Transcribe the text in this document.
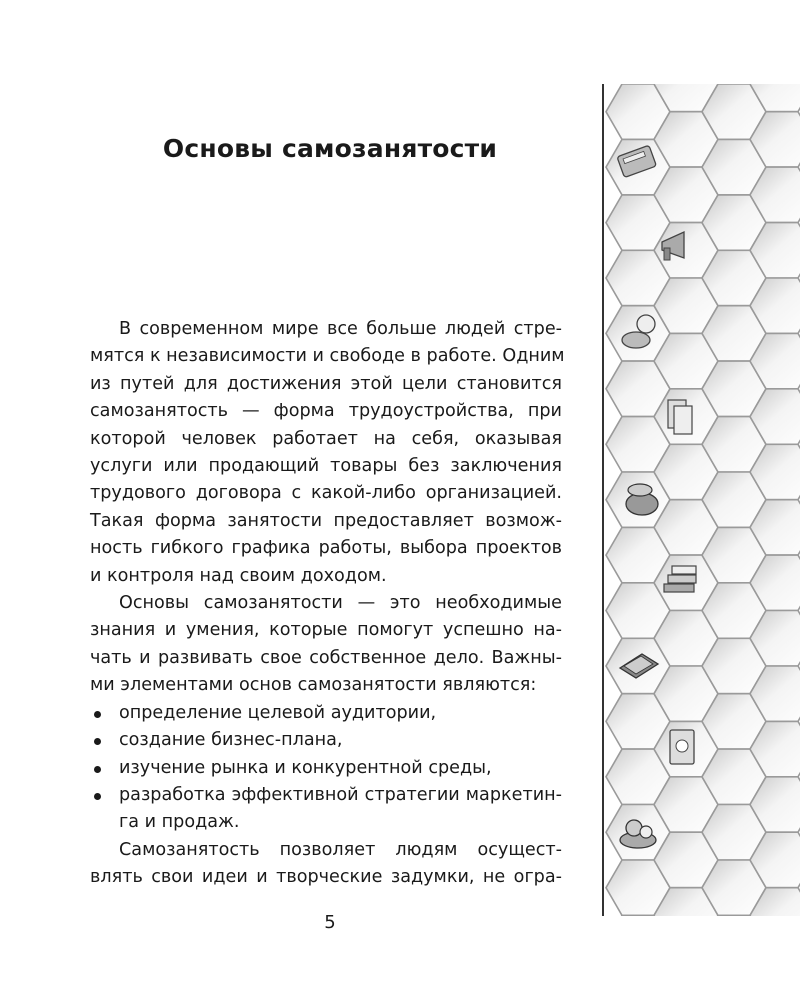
Основы самозанятости
В современном мире все больше людей стре-
мятся к независимости и свободе в работе. Одним
из путей для достижения этой цели становится
самозанятость — форма трудоустройства, при
которой человек работает на себя, оказывая
услуги или продающий товары без заключения
трудового договора с какой-либо организацией.
Такая форма занятости предоставляет возмож-
ность гибкого графика работы, выбора проектов
и контроля над своим доходом.
Основы самозанятости — это необходимые
знания и умения, которые помогут успешно на-
чать и развивать свое собственное дело. Важны-
ми элементами основ самозанятости являются:
определение целевой аудитории,
создание бизнес-плана,
изучение рынка и конкурентной среды,
разработка эффективной стратегии маркетин-
га и продаж.
Самозанятость позволяет людям осущест-
влять свои идеи и творческие задумки, не огра-
5
